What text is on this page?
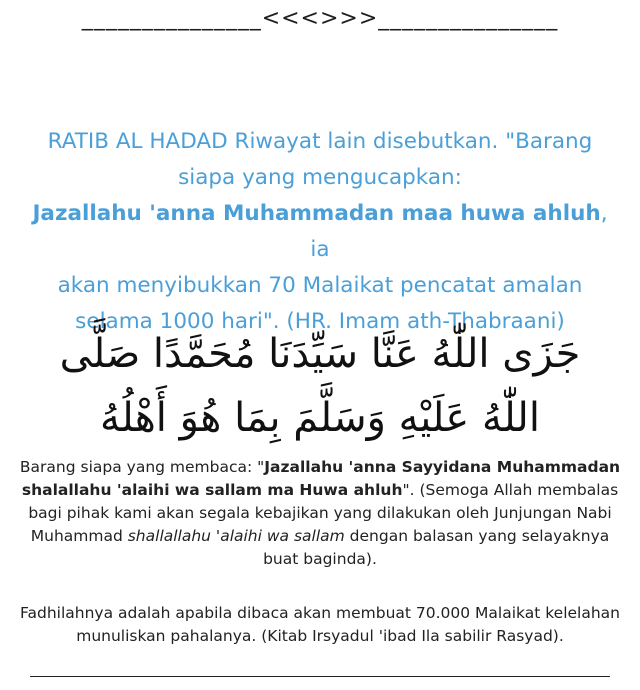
_______________<<<>>>_______________
RATIB AL HADAD Riwayat lain disebutkan. "Barang
siapa yang mengucapkan:
Jazallahu 'anna Muhammadan maa huwa ahluh, ia
akan menyibukkan 70 Malaikat pencatat amalan
selama 1000 hari". (HR. Imam ath-Thabraani)
جَزَى اللّٰهُ عَنَّا سَيِّدَنَا مُحَمَّدًا صَلَّى
اللّٰهُ عَلَيْهِ وَسَلَّمَ بِمَا هُوَ أَهْلُهُ
Barang siapa yang membaca: "Jazallahu 'anna Sayyidana Muhammadan shalallahu 'alaihi wa sallam ma Huwa ahluh". (Semoga Allah membalas bagi pihak kami akan segala kebajikan yang dilakukan oleh Junjungan Nabi Muhammad shallallahu 'alaihi wa sallam dengan balasan yang selayaknya buat baginda).
Fadhilahnya adalah apabila dibaca akan membuat 70.000 Malaikat kelelahan munuliskan pahalanya. (Kitab Irsyadul 'ibad Ila sabilir Rasyad).
